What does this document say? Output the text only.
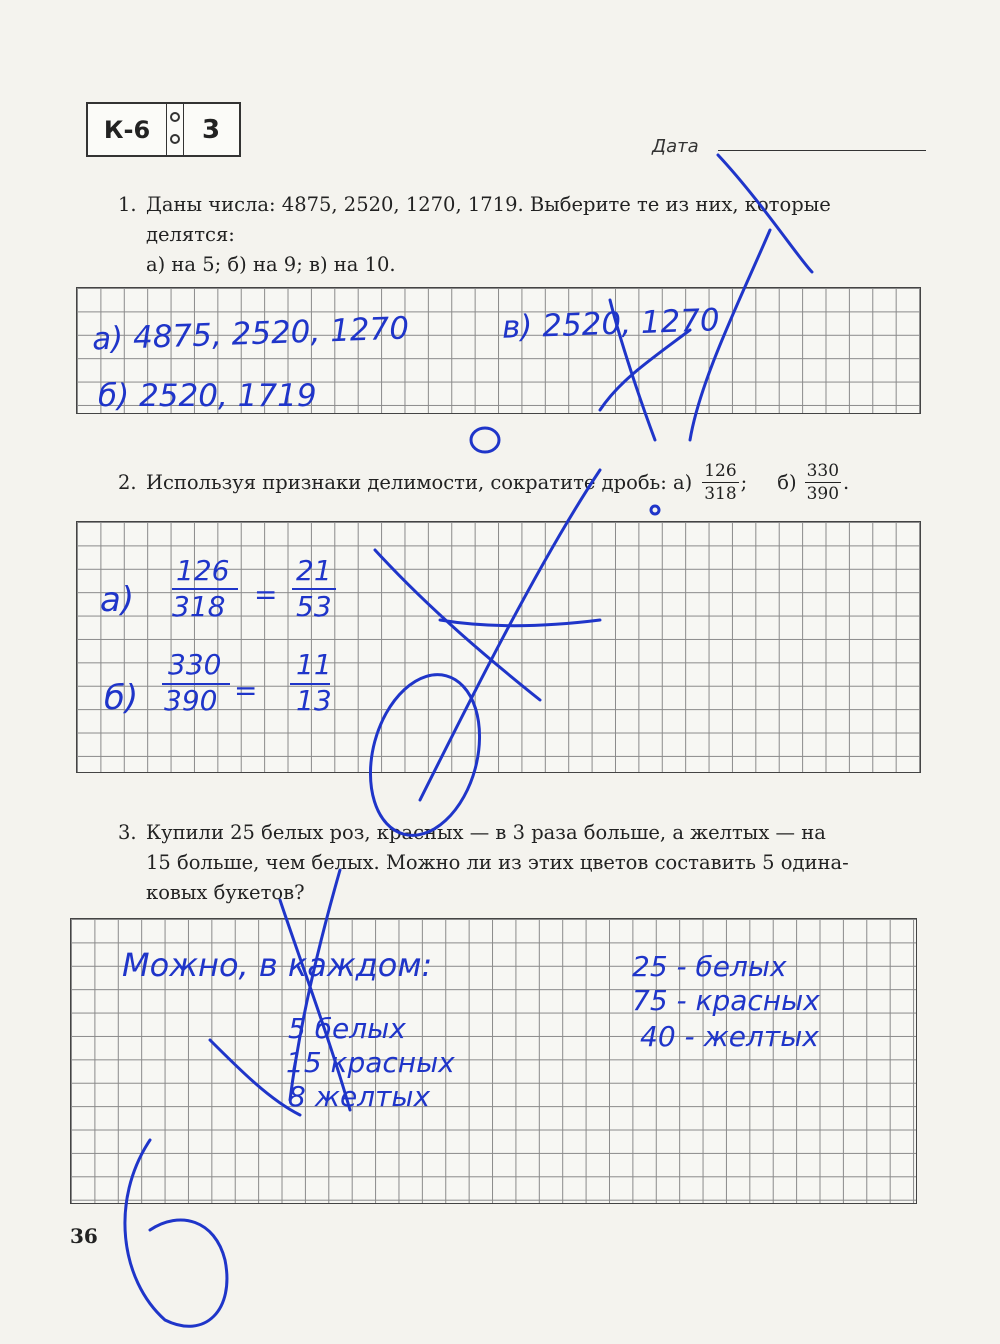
К-6	3
Дата
1. Даны числа: 4875, 2520, 1270, 1719. Выберите те из них, которые
делятся:
а) на 5; б) на 9; в) на 10.
а) 4875, 2520, 1270	в) 2520, 1270
б) 2520, 1719
2. Используя признаки делимости, сократите дробь: $а) \frac{126}{318}$ ; $б) \frac{330}{390}$ .
а)
126
318 =
21
53
б)
330
390 =
11
13
3. Купили 25 белых роз, красных — в 3 раза больше, а желтых — на
15 больше, чем белых. Можно ли из этих цветов составить 5 одина-
ковых букетов?
Можно, в каждом:
5 белых
15 красных
8 желтых
25 - белых
75 - красных
40 - желтых
36
